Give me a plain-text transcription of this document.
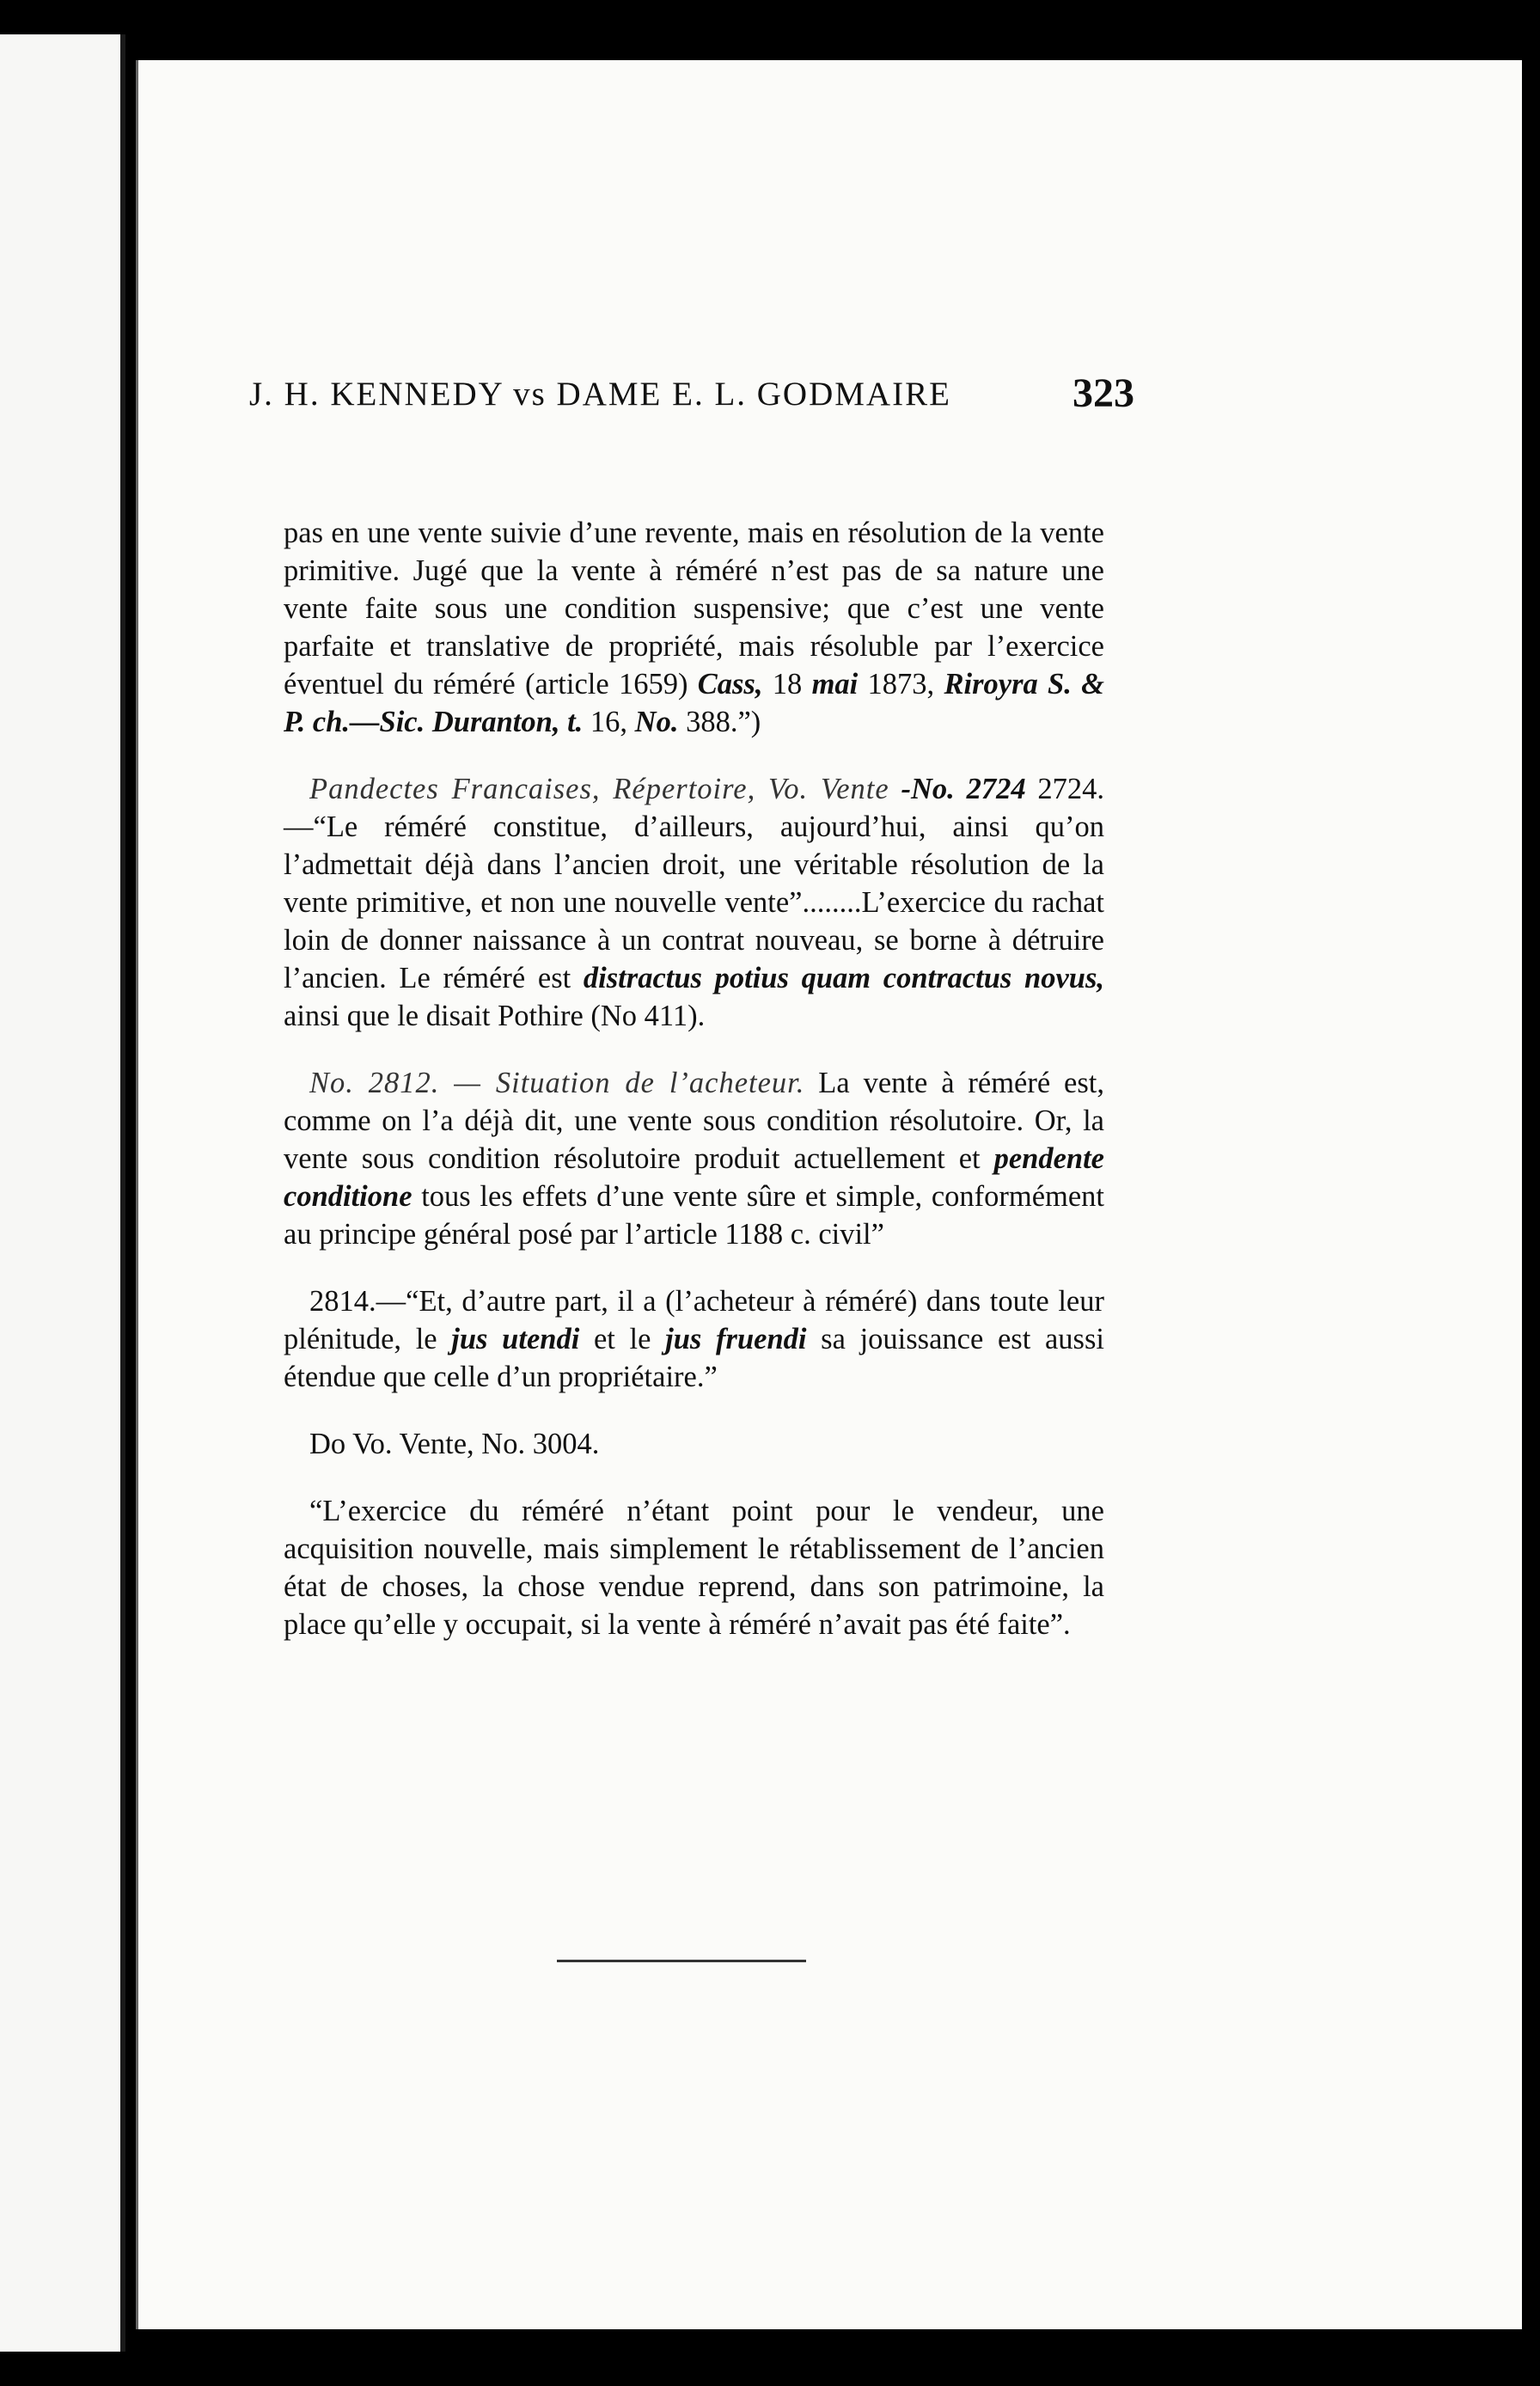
J. H. KENNEDY vs DAME E. L. GODMAIRE	323

pas en une vente suivie d’une revente, mais en résolution de la vente primitive. Jugé que la vente à réméré n’est pas de sa nature une vente faite sous une condition suspensive; que c’est une vente parfaite et translative de propriété, mais résoluble par l’exercice éventuel du réméré (article 1659) Cass, 18 mai 1873, Riroyra S. & P. ch.—Sic. Duranton, t. 16, No. 388.”)

Pandectes Francaises, Répertoire, Vo. Vente -No. 2724 2724.—“Le réméré constitue, d’ailleurs, aujourd’hui, ainsi qu’on l’admettait déjà dans l’ancien droit, une véritable résolution de la vente primitive, et non une nouvelle vente”........L’exercice du rachat loin de donner naissance à un contrat nouveau, se borne à détruire l’ancien. Le réméré est distractus potius quam contractus novus, ainsi que le disait Pothire (No 411).

No. 2812. — Situation de l’acheteur. La vente à réméré est, comme on l’a déjà dit, une vente sous condition résolutoire. Or, la vente sous condition résolutoire produit actuellement et pendente conditione tous les effets d’une vente sûre et simple, conformément au principe général posé par l’article 1188 c. civil”

2814.—“Et, d’autre part, il a (l’acheteur à réméré) dans toute leur plénitude, le jus utendi et le jus fruendi sa jouissance est aussi étendue que celle d’un propriétaire.”

Do Vo. Vente, No. 3004.

“L’exercice du réméré n’étant point pour le vendeur, une acquisition nouvelle, mais simplement le rétablissement de l’ancien état de choses, la chose vendue reprend, dans son patrimoine, la place qu’elle y occupait, si la vente à réméré n’avait pas été faite”.
